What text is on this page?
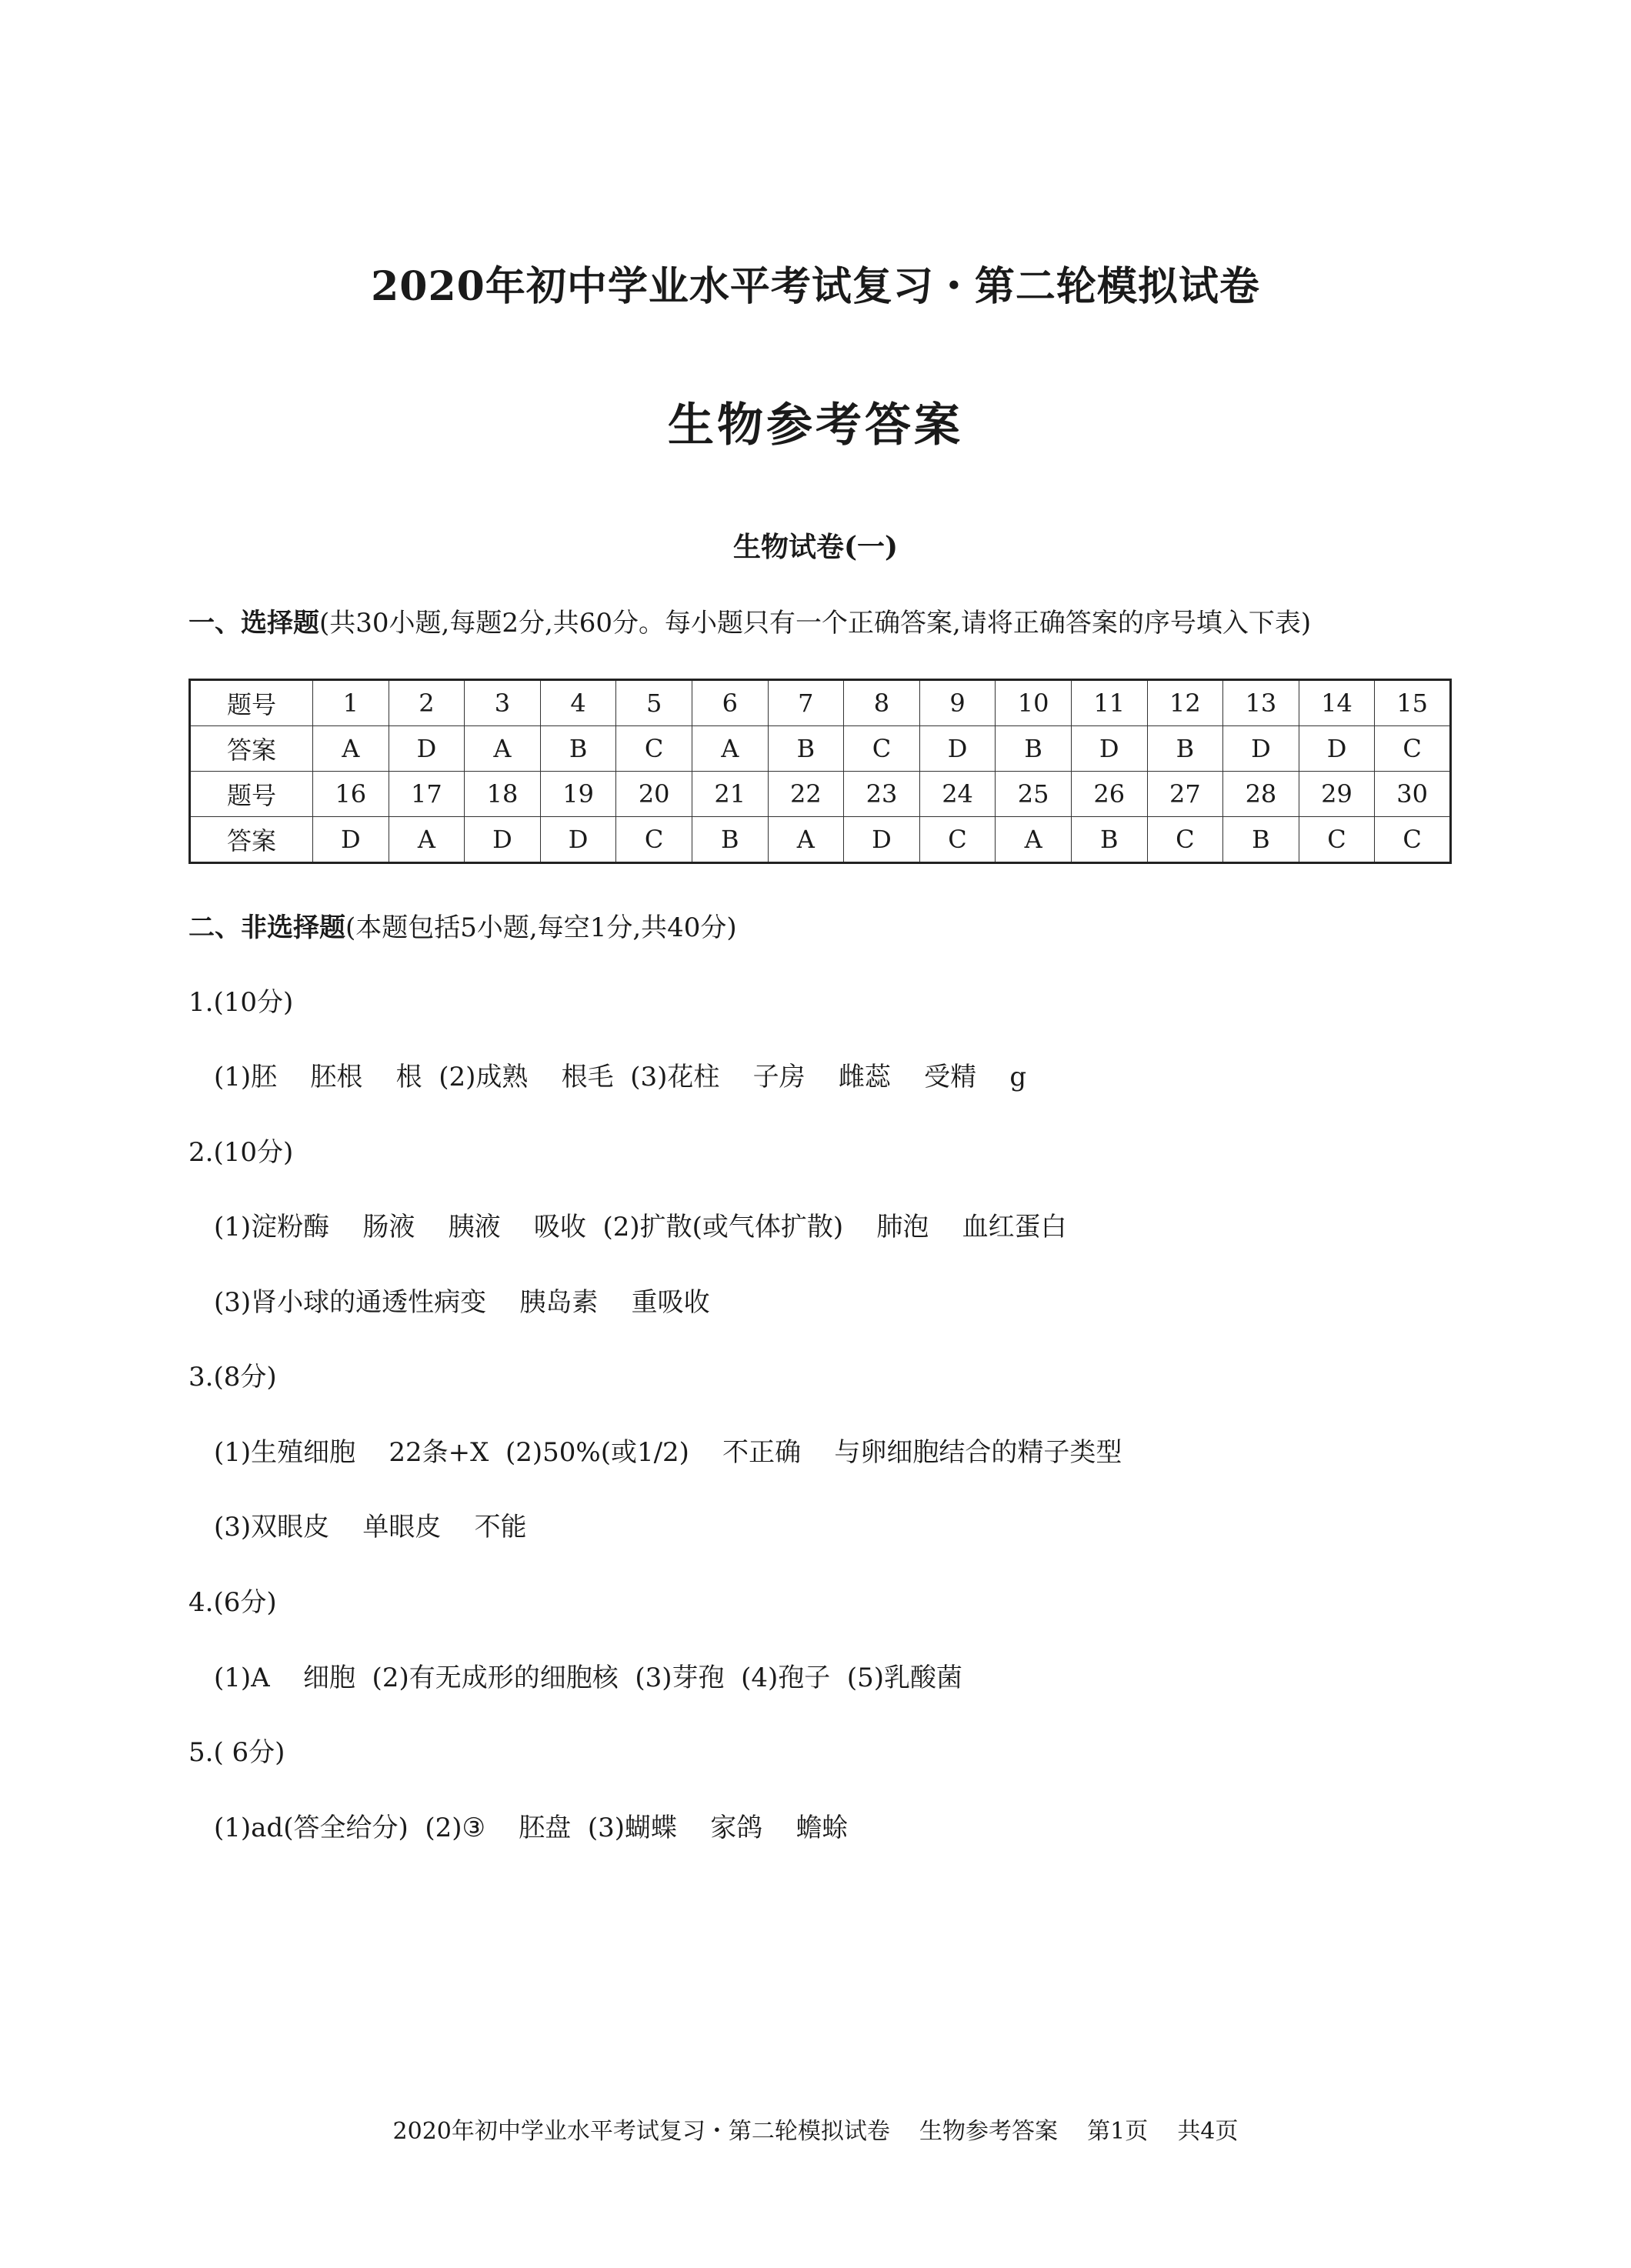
2020年初中学业水平考试复习・第二轮模拟试卷
生物参考答案
生物试卷(一)
一、选择题(共30小题,每题2分,共60分。每小题只有一个正确答案,请将正确答案的序号填入下表)
题号	1	2	3	4	5	6	7	8	9	10	11	12	13	14	15
答案	A	D	A	B	C	A	B	C	D	B	D	B	D	D	C
题号	16	17	18	19	20	21	22	23	24	25	26	27	28	29	30
答案	D	A	D	D	C	B	A	D	C	A	B	C	B	C	C
二、非选择题(本题包括5小题,每空1分,共40分)
1.(10分)
(1)胚    胚根    根  (2)成熟    根毛  (3)花柱    子房    雌蕊    受精    g
2.(10分)
(1)淀粉酶    肠液    胰液    吸收  (2)扩散(或气体扩散)    肺泡    血红蛋白
(3)肾小球的通透性病变    胰岛素    重吸收
3.(8分)
(1)生殖细胞    22条+X  (2)50%(或1/2)    不正确    与卵细胞结合的精子类型
(3)双眼皮    单眼皮    不能
4.(6分)
(1)A    细胞  (2)有无成形的细胞核  (3)芽孢  (4)孢子  (5)乳酸菌
5.( 6分)
(1)ad(答全给分)  (2)③    胚盘  (3)蝴蝶    家鸽    蟾蜍
2020年初中学业水平考试复习・第二轮模拟试卷    生物参考答案    第1页    共4页
